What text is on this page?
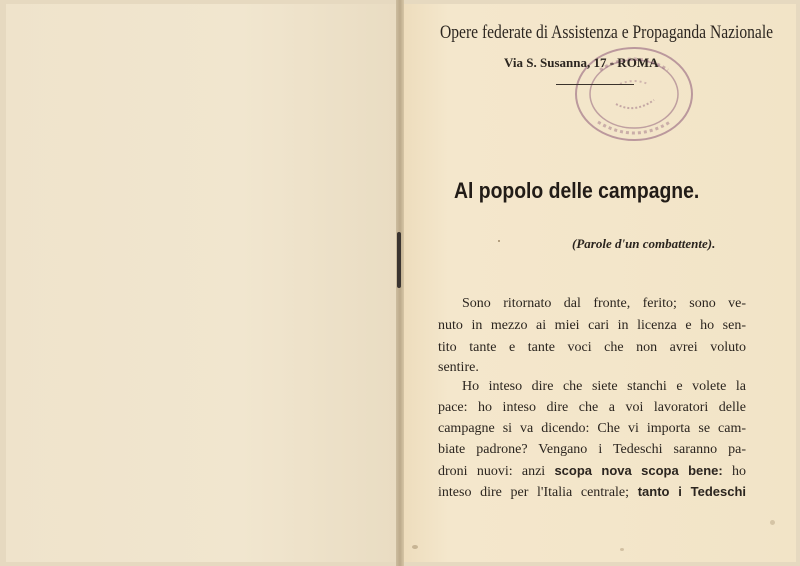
Opere federate di Assistenza e Propaganda Nazionale
Via S. Susanna, 17 - ROMA
Al popolo delle campagne.
(Parole d'un combattente).
Sono ritornato dal fronte, ferito; sono ve-
nuto in mezzo ai miei cari in licenza e ho sen-
tito tante e tante voci che non avrei voluto
sentire.
Ho inteso dire che siete stanchi e volete la
pace: ho inteso dire che a voi lavoratori delle
campagne si va dicendo: Che vi importa se cam-
biate padrone? Vengano i Tedeschi saranno pa-
droni nuovi: anzi scopa nova scopa bene: ho
inteso dire per l'Italia centrale; tanto i Tedeschi
